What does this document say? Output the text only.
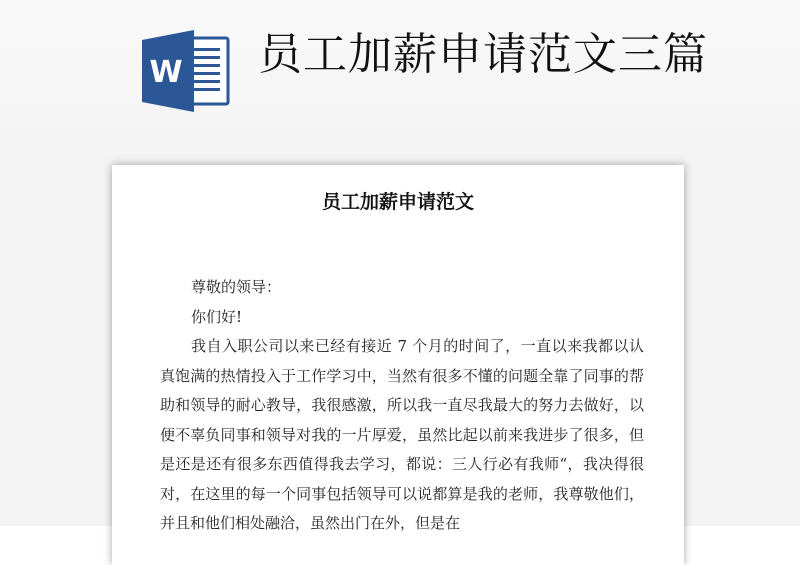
W 员工加薪申请范文三篇
员工加薪申请范文

尊敬的领导：

你们好!

我自入职公司以来已经有接近 7 个月的时间了，一直以来我都以认真饱满的热情投入于工作学习中，当然有很多不懂的问题全靠了同事的帮助和领导的耐心教导，我很感激，所以我一直尽我最大的努力去做好，以便不辜负同事和领导对我的一片厚爱，虽然比起以前来我进步了很多，但是还是还有很多东西值得我去学习，都说：三人行必有我师“，我决得很对，在这里的每一个同事包括领导可以说都算是我的老师，我尊敬他们，并且和他们相处融洽，虽然出门在外，但是在
